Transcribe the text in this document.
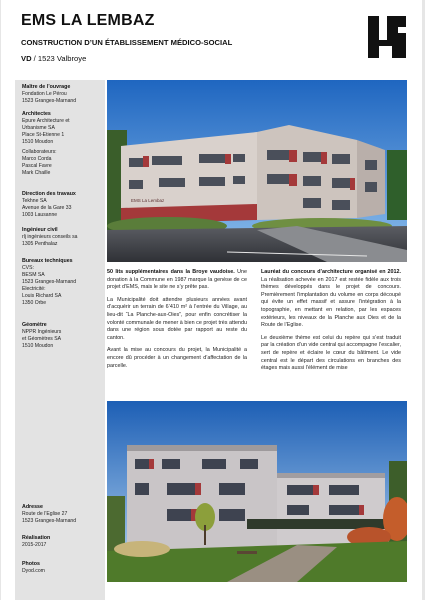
EMS LA LEMBAZ

CONSTRUCTION D’UN ÉTABLISSEMENT MÉDICO-SOCIAL

VD / 1523 Valbroye

Maître de l’ouvrage
Fondation Le Pérou
1523 Granges-Marnand
Architectes
Epure Architecture et
Urbanisme SA
Place St-Etienne 1
1510 Moudon
Collaborateurs:
Marco Corda
Pascal Favre
Mark Chaille
Direction des travaux
Tekhne SA
Avenue de la Gare 33
1003 Lausanne
Ingénieur civil
rlj ingénieurs conseils sa
1305 Penthalaz
Bureaux techniques
CVS:
BESM SA
1523 Granges-Marnand
Electricité:
Louis Richard SA
1350 Orbe
Géomètre
NPPR Ingénieurs
et Géomètres SA
1510 Moudon
Adresse
Route de l’Eglise 27
1523 Granges-Marnand
Réalisation
2015-2017
Photos
Dyod.com
EMS La Lembaz

50 lits supplémentaires dans la Broye vaudoise. Une donation à la Commune en 1987 marque la genèse de ce projet d’EMS, mais le site ne s’y prête pas.

La Municipalité doit attendre plusieurs années avant d’acquérir un terrain de 6’410 m² à l’entrée du Village, au lieu-dit “La Planche-aux-Oies”, pour enfin concrétiser la volonté communale de mener à bien ce projet très attendu dans une région sous dotée par rapport au reste du canton.

Avant la mise au concours du projet, la Municipalité a encore dû procéder à un changement d’affectation de la parcelle.

Lauréat du concours d’architecture organisé en 2012. La réalisation achevée en 2017 est restée fidèle aux trois thèmes développés dans le projet de concours. Premièrement l’implantation du volume en corps découpé qui évite un effet massif et assure l’intégration à la topographie, en mettant en relation, par les espaces extérieurs, les niveaux de la Planche aux Oies et de la Route de l’Eglise.

Le deuxième thème est celui du repère qui s’est traduit par la création d’un vide central qui accompagne l’escalier, sert de repère et éclaire le cœur du bâtiment. Le vide central est le départ des circulations en branches des étages mais aussi l’élément de mise
